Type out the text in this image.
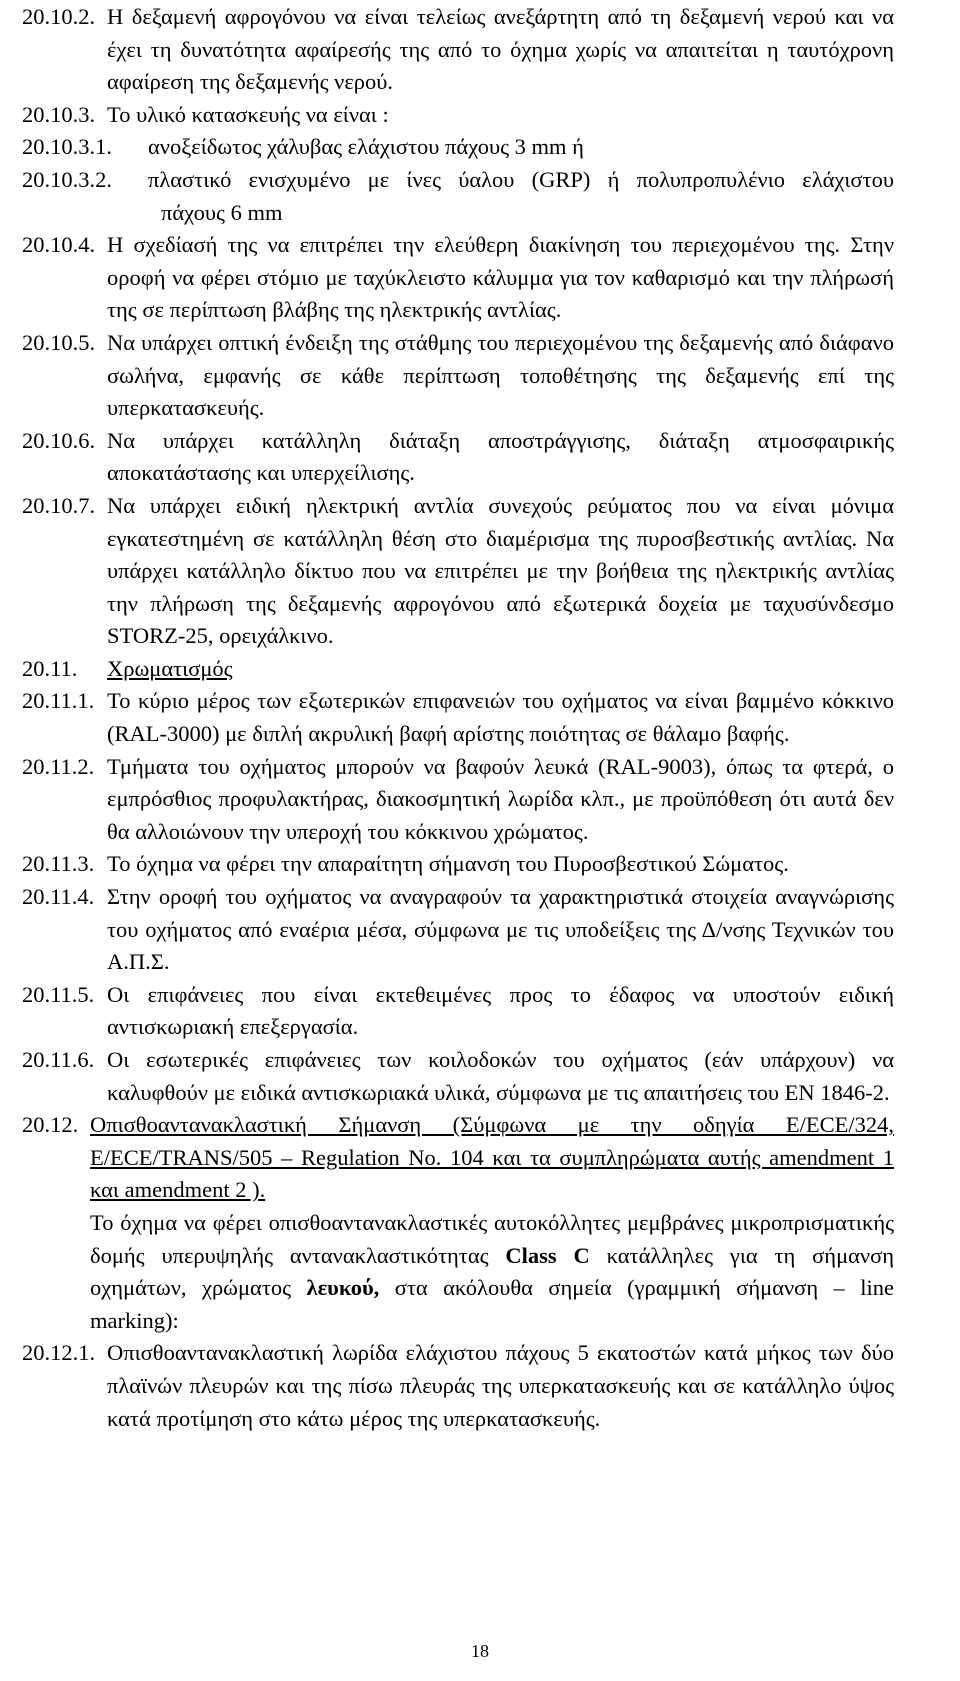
20.10.2. Η δεξαμενή αφρογόνου να είναι τελείως ανεξάρτητη από τη δεξαμενή νερού και να έχει τη δυνατότητα αφαίρεσής της από το όχημα χωρίς να απαιτείται η ταυτόχρονη αφαίρεση της δεξαμενής νερού.
20.10.3. Το υλικό κατασκευής να είναι :
20.10.3.1. ανοξείδωτος χάλυβας ελάχιστου πάχους 3 mm ή
20.10.3.2. πλαστικό ενισχυμένο με ίνες ύαλου (GRP) ή πολυπροπυλένιο ελάχιστου
πάχους 6 mm
20.10.4. Η σχεδίασή της να επιτρέπει την ελεύθερη διακίνηση του περιεχομένου της. Στην οροφή να φέρει στόμιο με ταχύκλειστο κάλυμμα για τον καθαρισμό και την πλήρωσή της σε περίπτωση βλάβης της ηλεκτρικής αντλίας.
20.10.5. Να υπάρχει οπτική ένδειξη της στάθμης του περιεχομένου της δεξαμενής από διάφανο σωλήνα, εμφανής σε κάθε περίπτωση τοποθέτησης της δεξαμενής επί της υπερκατασκευής.
20.10.6. Να υπάρχει κατάλληλη διάταξη αποστράγγισης, διάταξη ατμοσφαιρικής αποκατάστασης και υπερχείλισης.
20.10.7. Να υπάρχει ειδική ηλεκτρική αντλία συνεχούς ρεύματος που να είναι μόνιμα εγκατεστημένη σε κατάλληλη θέση στο διαμέρισμα της πυροσβεστικής αντλίας. Να υπάρχει κατάλληλο δίκτυο που να επιτρέπει με την βοήθεια της ηλεκτρικής αντλίας την πλήρωση της δεξαμενής αφρογόνου από εξωτερικά δοχεία με ταχυσύνδεσμο STORZ-25, ορειχάλκινο.
20.11. Χρωματισμός
20.11.1. Το κύριο μέρος των εξωτερικών επιφανειών του οχήματος να είναι βαμμένο κόκκινο (RAL-3000) με διπλή ακρυλική βαφή αρίστης ποιότητας σε θάλαμο βαφής.
20.11.2. Τμήματα του οχήματος μπορούν να βαφούν λευκά (RAL-9003), όπως τα φτερά, ο εμπρόσθιος προφυλακτήρας, διακοσμητική λωρίδα κλπ., με προϋπόθεση ότι αυτά δεν θα αλλοιώνουν την υπεροχή του κόκκινου χρώματος.
20.11.3. Το όχημα να φέρει την απαραίτητη σήμανση του Πυροσβεστικού Σώματος.
20.11.4. Στην οροφή του οχήματος να αναγραφούν τα χαρακτηριστικά στοιχεία αναγνώρισης του οχήματος από εναέρια μέσα, σύμφωνα με τις υποδείξεις της Δ/νσης Τεχνικών του Α.Π.Σ.
20.11.5. Οι επιφάνειες που είναι εκτεθειμένες προς το έδαφος να υποστούν ειδική αντισκωριακή επεξεργασία.
20.11.6. Οι εσωτερικές επιφάνειες των κοιλοδοκών του οχήματος (εάν υπάρχουν) να καλυφθούν με ειδικά αντισκωριακά υλικά, σύμφωνα με τις απαιτήσεις του ΕΝ 1846-2.
20.12. Οπισθοαντανακλαστική Σήμανση (Σύμφωνα με την οδηγία E/ECE/324, E/ECE/TRANS/505 – Regulation No. 104 και τα συμπληρώματα αυτής amendment 1 και amendment 2 ).
Το όχημα να φέρει οπισθοαντανακλαστικές αυτοκόλλητες μεμβράνες μικροπρισματικής δομής υπερυψηλής αντανακλαστικότητας Class C κατάλληλες για τη σήμανση οχημάτων, χρώματος λευκού, στα ακόλουθα σημεία (γραμμική σήμανση – line marking):
20.12.1. Οπισθοαντανακλαστική λωρίδα ελάχιστου πάχους 5 εκατοστών κατά μήκος των δύο πλαϊνών πλευρών και της πίσω πλευράς της υπερκατασκευής και σε κατάλληλο ύψος κατά προτίμηση στο κάτω μέρος της υπερκατασκευής.
18
